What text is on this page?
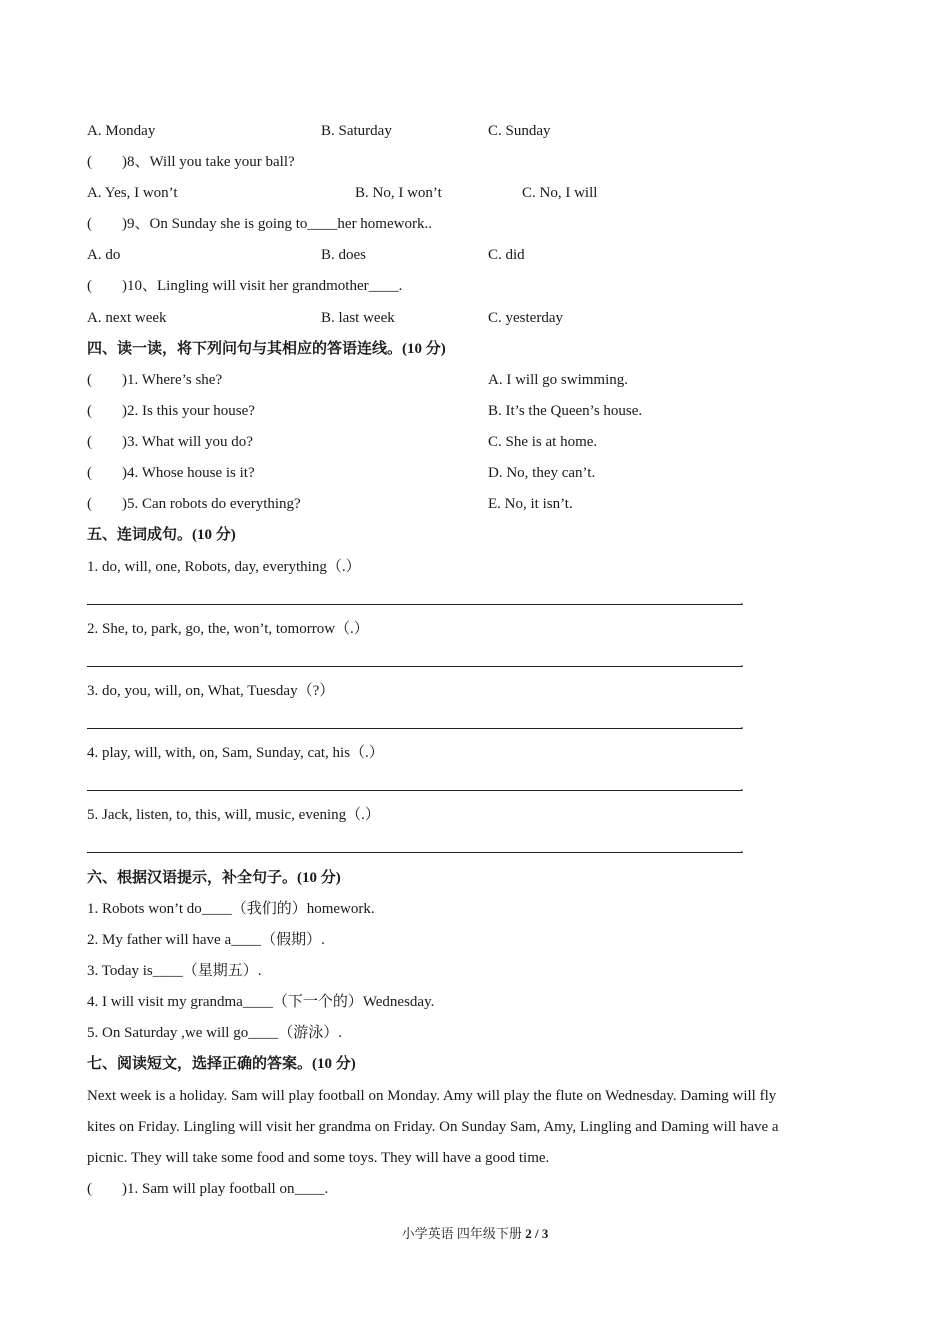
A. Monday	B. Saturday	C. Sunday
(　　)8、Will you take your ball?
A. Yes, I won’t	B. No, I won’t	C. No, I will
(　　)9、On Sunday she is going to____her homework..
A. do	B. does	C. did
(　　)10、Lingling will visit her grandmother____.
A. next week	B. last week	C. yesterday
四、读一读，将下列问句与其相应的答语连线。(10 分)
(　　)1. Where’s she?	A. I will go swimming.
(　　)2. Is this your house?	B. It’s the Queen’s house.
(　　)3. What will you do?	C. She is at home.
(　　)4. Whose house is it?	D. No, they can’t.
(　　)5. Can robots do everything?	E. No, it isn’t.
五、连词成句。(10 分)
1. do, will, one, Robots, day, everything（.）
.
2. She, to, park, go, the, won’t, tomorrow（.）
.
3. do, you, will, on, What, Tuesday（?）
.
4. play, will, with, on, Sam, Sunday, cat, his（.）
.
5. Jack, listen, to, this, will, music, evening（.）
.
六、根据汉语提示，补全句子。(10 分)
1. Robots won’t do____（我们的）homework.
2. My father will have a____（假期）.
3. Today is____（星期五）.
4. I will visit my grandma____（下一个的）Wednesday.
5. On Saturday ,we will go____（游泳）.
七、阅读短文，选择正确的答案。(10 分)
Next week is a holiday. Sam will play football on Monday. Amy will play the flute on Wednesday. Daming will fly
kites on Friday. Lingling will visit her grandma on Friday. On Sunday Sam, Amy, Lingling and Daming will have a
picnic. They will take some food and some toys. They will have a good time.
(　　)1. Sam will play football on____.
小学英语 四年级下册 2 / 3
